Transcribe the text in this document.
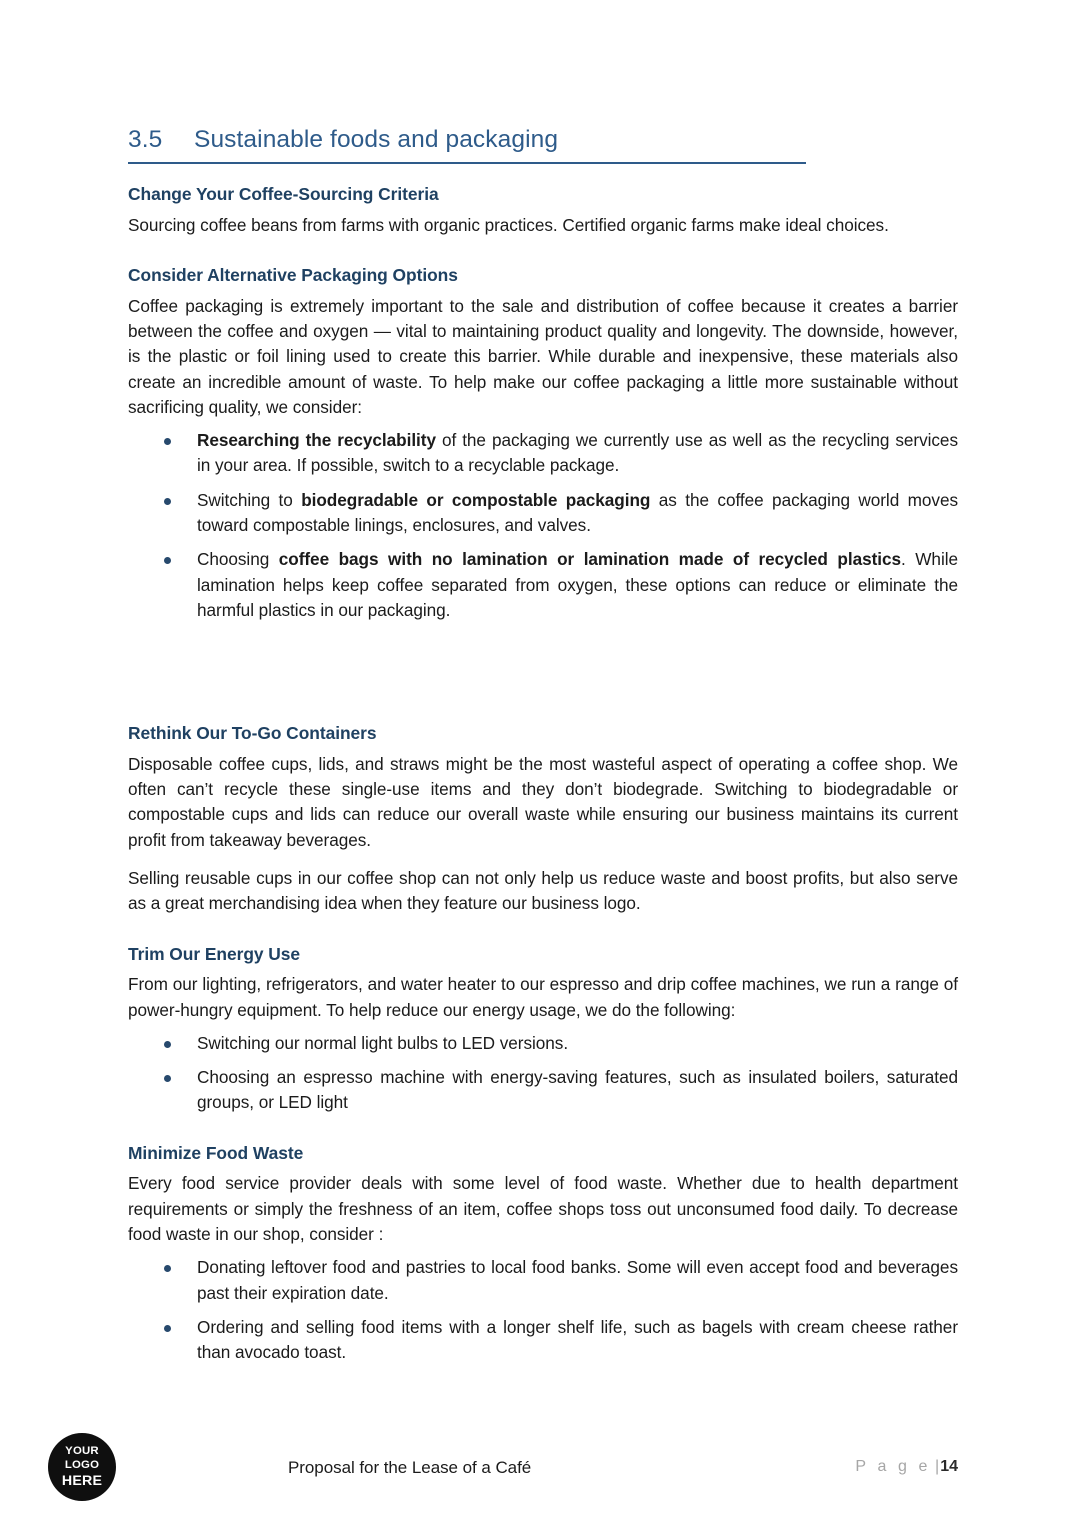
3.5	Sustainable foods and packaging
Change Your Coffee-Sourcing Criteria

Sourcing coffee beans from farms with organic practices. Certified organic farms make ideal choices.

Consider Alternative Packaging Options

Coffee packaging is extremely important to the sale and distribution of coffee because it creates a barrier between the coffee and oxygen — vital to maintaining product quality and longevity. The downside, however, is the plastic or foil lining used to create this barrier. While durable and inexpensive, these materials also create an incredible amount of waste. To help make our coffee packaging a little more sustainable without sacrificing quality, we consider:

Researching the recyclability of the packaging we currently use as well as the recycling services in your area. If possible, switch to a recyclable package.
Switching to biodegradable or compostable packaging as the coffee packaging world moves toward compostable linings, enclosures, and valves.
Choosing coffee bags with no lamination or lamination made of recycled plastics. While lamination helps keep coffee separated from oxygen, these options can reduce or eliminate the harmful plastics in our packaging.
Rethink Our To-Go Containers

Disposable coffee cups, lids, and straws might be the most wasteful aspect of operating a coffee shop. We often can’t recycle these single-use items and they don’t biodegrade. Switching to biodegradable or compostable cups and lids can reduce our overall waste while ensuring our business maintains its current profit from takeaway beverages.

Selling reusable cups in our coffee shop can not only help us reduce waste and boost profits, but also serve as a great merchandising idea when they feature our business logo.

Trim Our Energy Use

From our lighting, refrigerators, and water heater to our espresso and drip coffee machines, we run a range of power-hungry equipment. To help reduce our energy usage, we do the following:

Switching our normal light bulbs to LED versions.
Choosing an espresso machine with energy-saving features, such as insulated boilers, saturated groups, or LED light
Minimize Food Waste

Every food service provider deals with some level of food waste. Whether due to health department requirements or simply the freshness of an item, coffee shops toss out unconsumed food daily. To decrease food waste in our shop, consider :

Donating leftover food and pastries to local food banks. Some will even accept food and beverages past their expiration date.
Ordering and selling food items with a longer shelf life, such as bagels with cream cheese rather than avocado toast.
YOUR
LOGO
HERE
Proposal for the Lease of a Café	P a g e |14
